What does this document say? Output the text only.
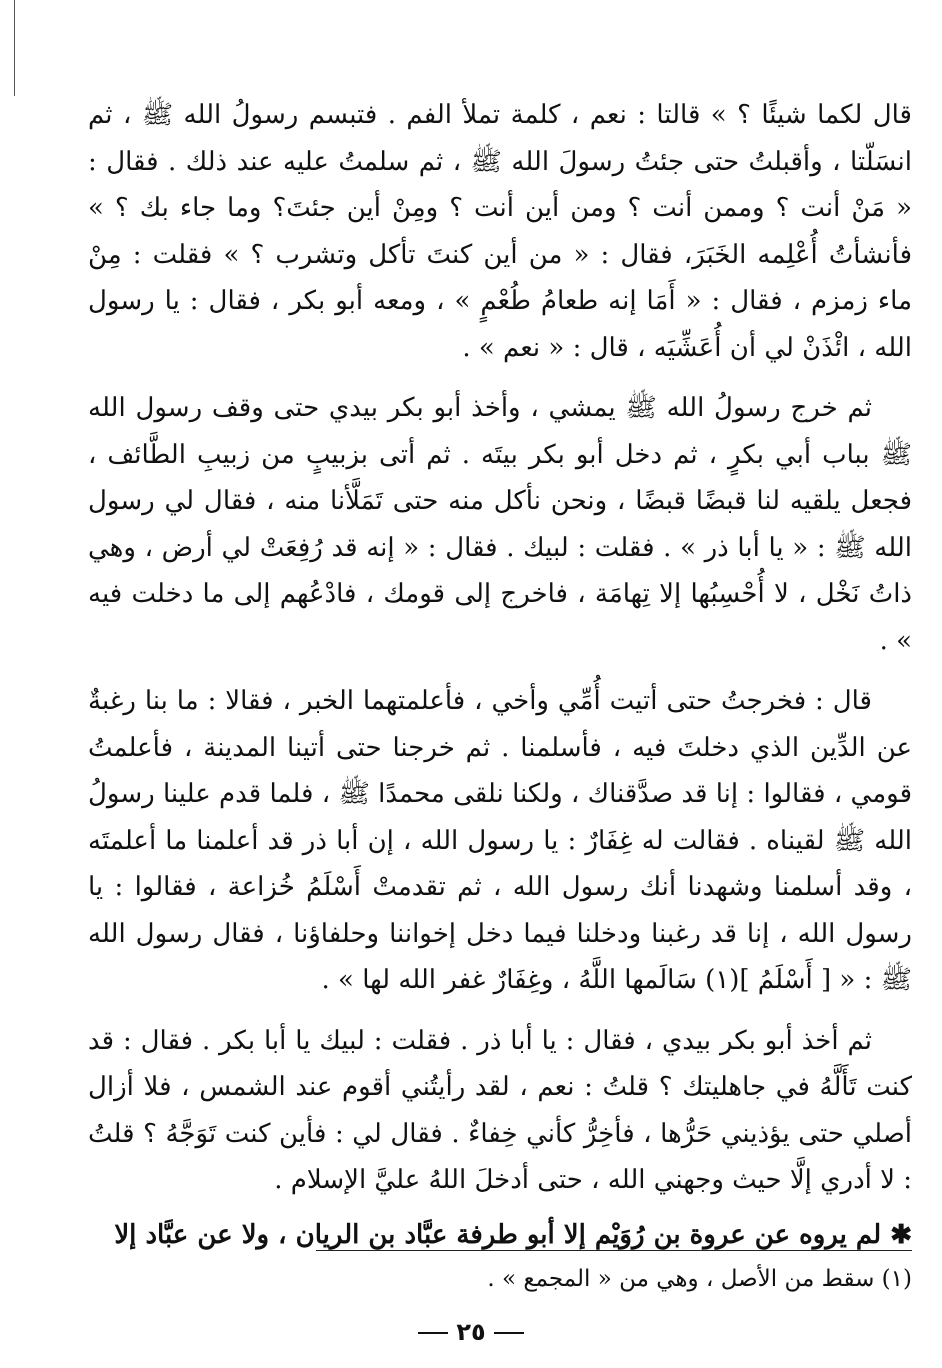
قال لكما شيئًا ؟ » قالتا : نعم ، كلمة تملأ الفم . فتبسم رسولُ الله ﷺ ، ثم انسَلّتا ، وأقبلتُ حتى جئتُ رسولَ الله ﷺ ، ثم سلمتُ عليه عند ذلك . فقال : « مَنْ أنت ؟ وممن أنت ؟ ومن أين أنت ؟ ومِنْ أين جئتَ؟ وما جاء بك ؟ » فأنشأتُ أُعْلِمه الخَبَرَ، فقال : « من أين كنتَ تأكل وتشرب ؟ » فقلت : مِنْ ماء زمزم ، فقال : « أَمَا إنه طعامُ طُعْمٍ » ، ومعه أبو بكر ، فقال : يا رسول الله ، ائْذَنْ لي أن أُعَشِّيَه ، قال : « نعم » .

ثم خرج رسولُ الله ﷺ يمشي ، وأخذ أبو بكر بيدي حتى وقف رسول الله ﷺ بباب أبي بكرٍ ، ثم دخل أبو بكر بيتَه . ثم أتى بزبيبٍ من زبيبِ الطَّائف ، فجعل يلقيه لنا قبضًا قبضًا ، ونحن نأكل منه حتى تَمَلَّأنا منه ، فقال لي رسول الله ﷺ : « يا أبا ذر » . فقلت : لبيك . فقال : « إنه قد رُفِعَتْ لي أرض ، وهي ذاتُ نَخْل ، لا أُحْسِبُها إلا تِهامَة ، فاخرج إلى قومك ، فادْعُهم إلى ما دخلت فيه » .

قال : فخرجتُ حتى أتيت أُمِّي وأخي ، فأعلمتهما الخبر ، فقالا : ما بنا رغبةٌ عن الدِّين الذي دخلتَ فيه ، فأسلمنا . ثم خرجنا حتى أتينا المدينة ، فأعلمتُ قومي ، فقالوا : إنا قد صدَّقناك ، ولكنا نلقى محمدًا ﷺ ، فلما قدم علينا رسولُ الله ﷺ لقيناه . فقالت له غِفَارٌ : يا رسول الله ، إن أبا ذر قد أعلمنا ما أعلمتَه ، وقد أسلمنا وشهدنا أنك رسول الله ، ثم تقدمتْ أَسْلَمُ خُزاعة ، فقالوا : يا رسول الله ، إنا قد رغبنا ودخلنا فيما دخل إخواننا وحلفاؤنا ، فقال رسول الله ﷺ : « [ أَسْلَمُ ](١) سَالَمها اللَّهُ ، وغِفَارٌ غفر الله لها » .

ثم أخذ أبو بكر بيدي ، فقال : يا أبا ذر . فقلت : لبيك يا أبا بكر . فقال : قد كنت تَأَلَّهُ في جاهليتك ؟ قلتُ : نعم ، لقد رأيتُني أقوم عند الشمس ، فلا أزال أصلي حتى يؤذيني حَرُّها ، فأخِرُّ كأني خِفاءٌ . فقال لي : فأين كنت تَوَجَّهُ ؟ قلتُ : لا أدري إلَّا حيث وجهني الله ، حتى أدخلَ اللهُ عليَّ الإسلام .

✱ لم يروه عن عروة بن رُوَيْم إلا أبو طرفة عبَّاد بن الريان ، ولا عن عبَّاد إلا

(١) سقط من الأصل ، وهي من « المجمع » .
٢٥
